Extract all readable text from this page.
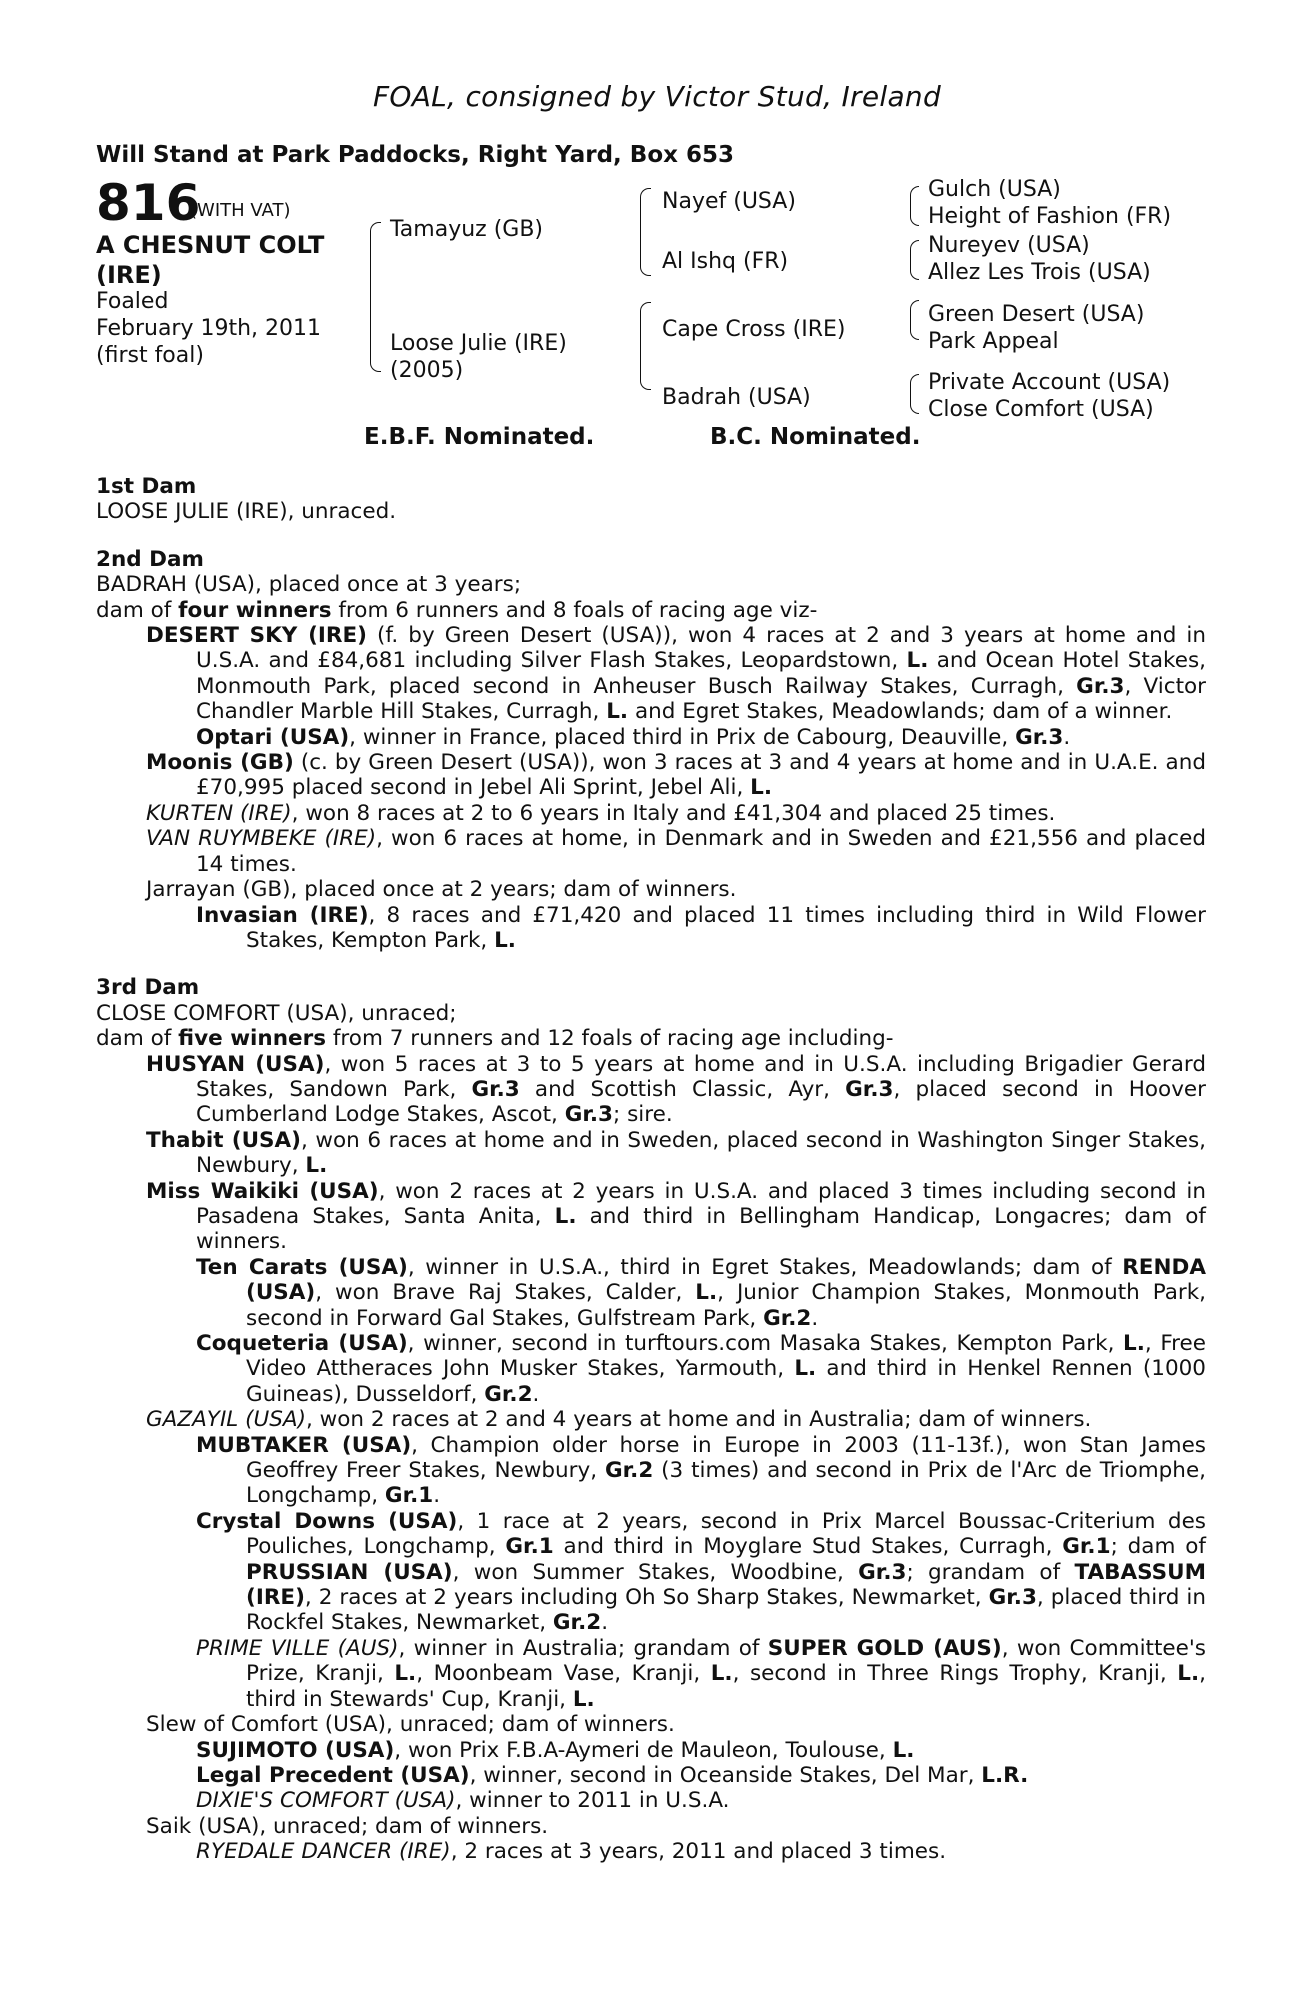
FOAL, consigned by Victor Stud, Ireland
Will Stand at Park Paddocks, Right Yard, Box 653
816
(WITH VAT)
A CHESNUT COLT
(IRE)
Foaled
February 19th, 2011
(first foal)
Tamayuz (GB)
Loose Julie (IRE)
(2005)
Nayef (USA)
Al Ishq (FR)
Cape Cross (IRE)
Badrah (USA)
Gulch (USA)
Height of Fashion (FR)
Nureyev (USA)
Allez Les Trois (USA)
Green Desert (USA)
Park Appeal
Private Account (USA)
Close Comfort (USA)
E.B.F. Nominated.	B.C. Nominated.
1st Dam
LOOSE JULIE (IRE), unraced.
2nd Dam
BADRAH (USA), placed once at 3 years;
dam of four winners from 6 runners and 8 foals of racing age viz-
DESERT SKY (IRE) (f. by Green Desert (USA)), won 4 races at 2 and 3 years at home and in U.S.A. and £84,681 including Silver Flash Stakes, Leopardstown, L. and Ocean Hotel Stakes, Monmouth Park, placed second in Anheuser Busch Railway Stakes, Curragh, Gr.3, Victor Chandler Marble Hill Stakes, Curragh, L. and Egret Stakes, Meadowlands; dam of a winner.
Optari (USA), winner in France, placed third in Prix de Cabourg, Deauville, Gr.3.
Moonis (GB) (c. by Green Desert (USA)), won 3 races at 3 and 4 years at home and in U.A.E. and £70,995 placed second in Jebel Ali Sprint, Jebel Ali, L.
KURTEN (IRE), won 8 races at 2 to 6 years in Italy and £41,304 and placed 25 times.
VAN RUYMBEKE (IRE), won 6 races at home, in Denmark and in Sweden and £21,556 and placed 14 times.
Jarrayan (GB), placed once at 2 years; dam of winners.
Invasian (IRE), 8 races and £71,420 and placed 11 times including third in Wild Flower Stakes, Kempton Park, L.
3rd Dam
CLOSE COMFORT (USA), unraced;
dam of five winners from 7 runners and 12 foals of racing age including-
HUSYAN (USA), won 5 races at 3 to 5 years at home and in U.S.A. including Brigadier Gerard Stakes, Sandown Park, Gr.3 and Scottish Classic, Ayr, Gr.3, placed second in Hoover Cumberland Lodge Stakes, Ascot, Gr.3; sire.
Thabit (USA), won 6 races at home and in Sweden, placed second in Washington Singer Stakes, Newbury, L.
Miss Waikiki (USA), won 2 races at 2 years in U.S.A. and placed 3 times including second in Pasadena Stakes, Santa Anita, L. and third in Bellingham Handicap, Longacres; dam of winners.
Ten Carats (USA), winner in U.S.A., third in Egret Stakes, Meadowlands; dam of RENDA (USA), won Brave Raj Stakes, Calder, L., Junior Champion Stakes, Monmouth Park, second in Forward Gal Stakes, Gulfstream Park, Gr.2.
Coqueteria (USA), winner, second in turftours.com Masaka Stakes, Kempton Park, L., Free Video Attheraces John Musker Stakes, Yarmouth, L. and third in Henkel Rennen (1000 Guineas), Dusseldorf, Gr.2.
GAZAYIL (USA), won 2 races at 2 and 4 years at home and in Australia; dam of winners.
MUBTAKER (USA), Champion older horse in Europe in 2003 (11-13f.), won Stan James Geoffrey Freer Stakes, Newbury, Gr.2 (3 times) and second in Prix de l'Arc de Triomphe, Longchamp, Gr.1.
Crystal Downs (USA), 1 race at 2 years, second in Prix Marcel Boussac-Criterium des Pouliches, Longchamp, Gr.1 and third in Moyglare Stud Stakes, Curragh, Gr.1; dam of PRUSSIAN (USA), won Summer Stakes, Woodbine, Gr.3; grandam of TABASSUM (IRE), 2 races at 2 years including Oh So Sharp Stakes, Newmarket, Gr.3, placed third in Rockfel Stakes, Newmarket, Gr.2.
PRIME VILLE (AUS), winner in Australia; grandam of SUPER GOLD (AUS), won Committee's Prize, Kranji, L., Moonbeam Vase, Kranji, L., second in Three Rings Trophy, Kranji, L., third in Stewards' Cup, Kranji, L.
Slew of Comfort (USA), unraced; dam of winners.
SUJIMOTO (USA), won Prix F.B.A-Aymeri de Mauleon, Toulouse, L.
Legal Precedent (USA), winner, second in Oceanside Stakes, Del Mar, L.R.
DIXIE'S COMFORT (USA), winner to 2011 in U.S.A.
Saik (USA), unraced; dam of winners.
RYEDALE DANCER (IRE), 2 races at 3 years, 2011 and placed 3 times.
